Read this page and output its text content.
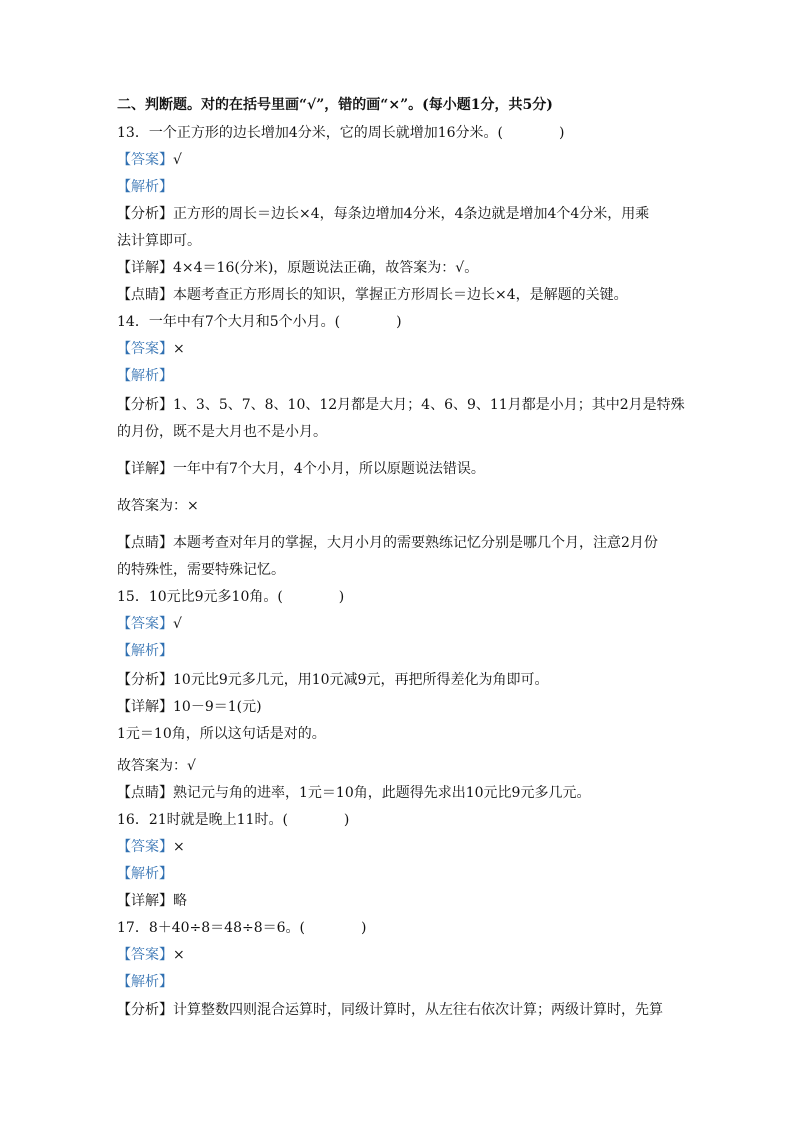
二、判断题。对的在括号里画“√”，错的画“×”。(每小题1分，共5分)
13．一个正方形的边长增加4分米，它的周长就增加16分米。(　　　　)
【答案】√
【解析】
【分析】正方形的周长＝边长×4，每条边增加4分米，4条边就是增加4个4分米，用乘
法计算即可。
【详解】4×4＝16(分米)，原题说法正确，故答案为：√。
【点睛】本题考查正方形周长的知识，掌握正方形周长＝边长×4，是解题的关键。
14．一年中有7个大月和5个小月。(　　　　)
【答案】×
【解析】
【分析】1、3、5、7、8、10、12月都是大月；4、6、9、11月都是小月；其中2月是特殊
的月份，既不是大月也不是小月。
【详解】一年中有7个大月，4个小月，所以原题说法错误。
故答案为：×
【点睛】本题考查对年月的掌握，大月小月的需要熟练记忆分别是哪几个月，注意2月份
的特殊性，需要特殊记忆。
15．10元比9元多10角。(　　　　)
【答案】√
【解析】
【分析】10元比9元多几元，用10元减9元，再把所得差化为角即可。
【详解】10－9＝1(元)
1元＝10角，所以这句话是对的。
故答案为：√
【点睛】熟记元与角的进率，1元＝10角，此题得先求出10元比9元多几元。
16．21时就是晚上11时。(　　　　)
【答案】×
【解析】
【详解】略
17．8＋40÷8＝48÷8＝6。(　　　　)
【答案】×
【解析】
【分析】计算整数四则混合运算时，同级计算时，从左往右依次计算；两级计算时，先算
